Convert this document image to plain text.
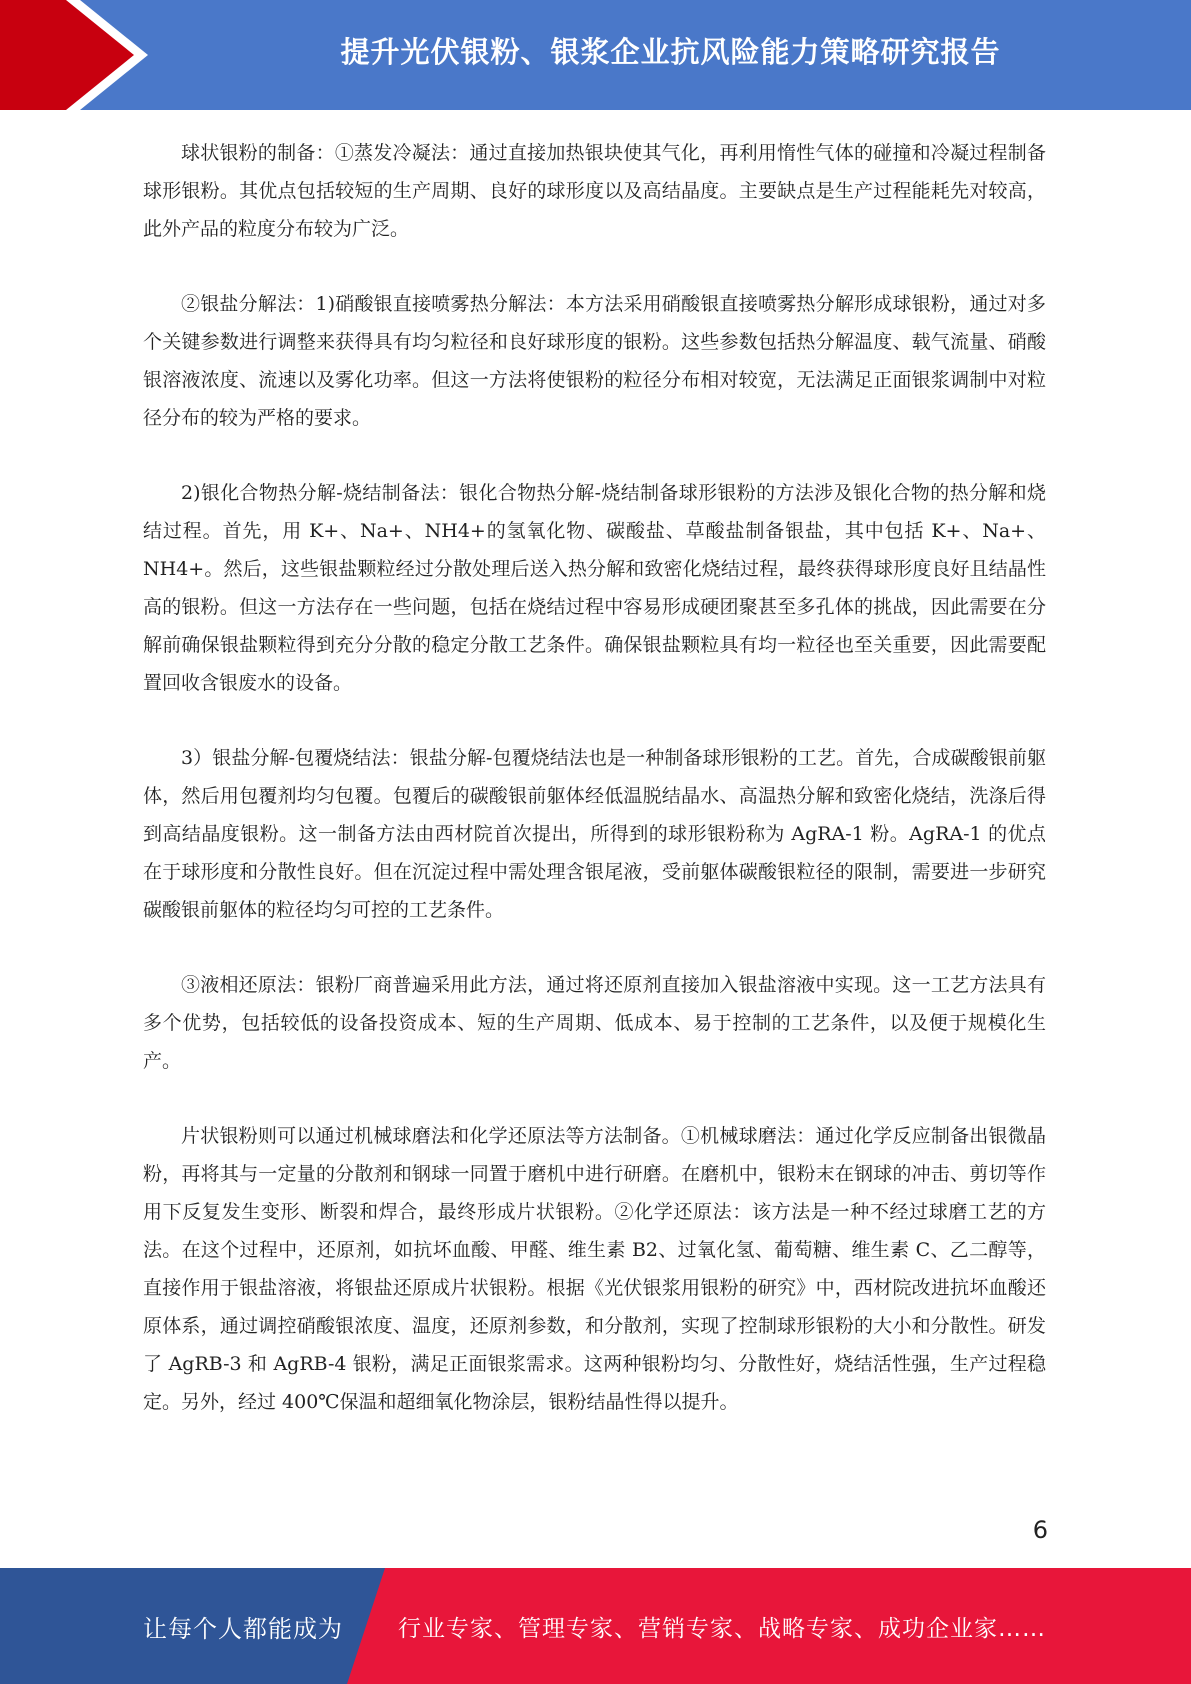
提升光伏银粉、银浆企业抗风险能力策略研究报告

球状银粉的制备：①蒸发冷凝法：通过直接加热银块使其气化，再利用惰性气体的碰撞和冷凝过程制备球形银粉。其优点包括较短的生产周期、良好的球形度以及高结晶度。主要缺点是生产过程能耗先对较高，此外产品的粒度分布较为广泛。

②银盐分解法：1)硝酸银直接喷雾热分解法：本方法采用硝酸银直接喷雾热分解形成球银粉，通过对多个关键参数进行调整来获得具有均匀粒径和良好球形度的银粉。这些参数包括热分解温度、载气流量、硝酸银溶液浓度、流速以及雾化功率。但这一方法将使银粉的粒径分布相对较宽，无法满足正面银浆调制中对粒径分布的较为严格的要求。

2)银化合物热分解-烧结制备法：银化合物热分解-烧结制备球形银粉的方法涉及银化合物的热分解和烧结过程。首先，用 K+、Na+、NH4+的氢氧化物、碳酸盐、草酸盐制备银盐，其中包括 K+、Na+、NH4+。然后，这些银盐颗粒经过分散处理后送入热分解和致密化烧结过程，最终获得球形度良好且结晶性高的银粉。但这一方法存在一些问题，包括在烧结过程中容易形成硬团聚甚至多孔体的挑战，因此需要在分解前确保银盐颗粒得到充分分散的稳定分散工艺条件。确保银盐颗粒具有均一粒径也至关重要，因此需要配置回收含银废水的设备。

3）银盐分解-包覆烧结法：银盐分解-包覆烧结法也是一种制备球形银粉的工艺。首先，合成碳酸银前躯体，然后用包覆剂均匀包覆。包覆后的碳酸银前躯体经低温脱结晶水、高温热分解和致密化烧结，洗涤后得到高结晶度银粉。这一制备方法由西材院首次提出，所得到的球形银粉称为 AgRA-1 粉。AgRA-1 的优点在于球形度和分散性良好。但在沉淀过程中需处理含银尾液，受前躯体碳酸银粒径的限制，需要进一步研究碳酸银前躯体的粒径均匀可控的工艺条件。

③液相还原法：银粉厂商普遍采用此方法，通过将还原剂直接加入银盐溶液中实现。这一工艺方法具有多个优势，包括较低的设备投资成本、短的生产周期、低成本、易于控制的工艺条件，以及便于规模化生产。

片状银粉则可以通过机械球磨法和化学还原法等方法制备。①机械球磨法：通过化学反应制备出银微晶粉，再将其与一定量的分散剂和钢球一同置于磨机中进行研磨。在磨机中，银粉末在钢球的冲击、剪切等作用下反复发生变形、断裂和焊合，最终形成片状银粉。②化学还原法：该方法是一种不经过球磨工艺的方法。在这个过程中，还原剂，如抗坏血酸、甲醛、维生素 B2、过氧化氢、葡萄糖、维生素 C、乙二醇等，直接作用于银盐溶液，将银盐还原成片状银粉。根据《光伏银浆用银粉的研究》中，西材院改进抗坏血酸还原体系，通过调控硝酸银浓度、温度，还原剂参数，和分散剂，实现了控制球形银粉的大小和分散性。研发了 AgRB-3 和 AgRB-4 银粉，满足正面银浆需求。这两种银粉均匀、分散性好，烧结活性强，生产过程稳定。另外，经过 400℃保温和超细氧化物涂层，银粉结晶性得以提升。

6
让每个人都能成为 行业专家、管理专家、营销专家、战略专家、成功企业家……
